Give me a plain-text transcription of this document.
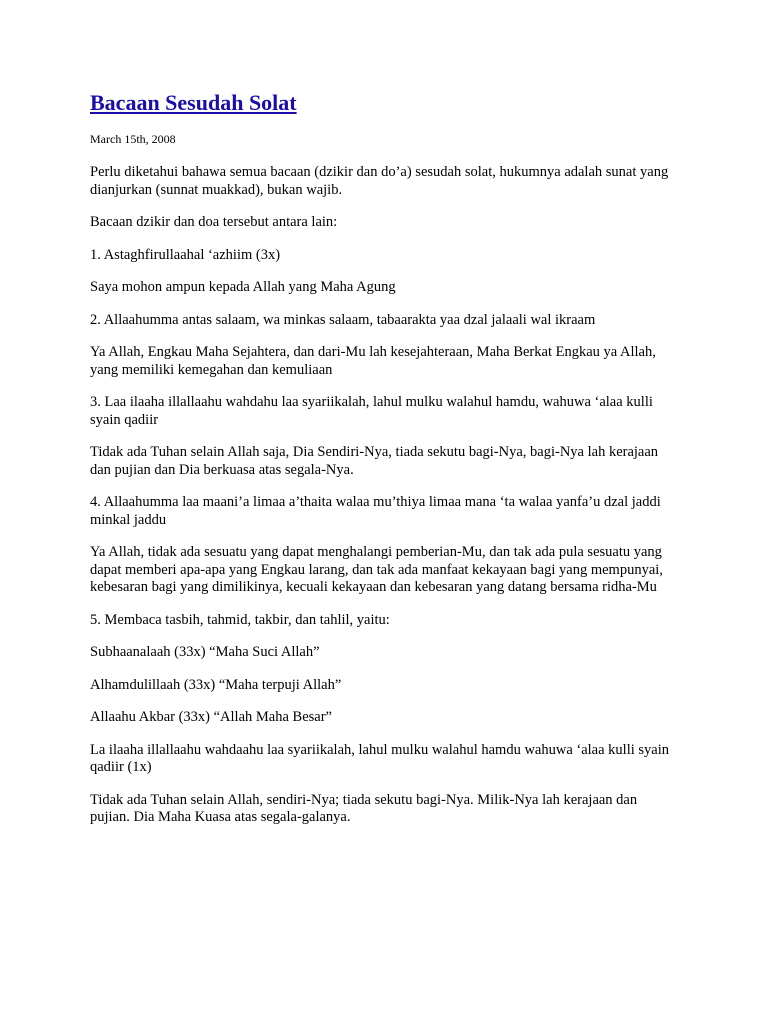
Bacaan Sesudah Solat
March 15th, 2008

Perlu diketahui bahawa semua bacaan (dzikir dan do’a) sesudah solat, hukumnya adalah sunat yang dianjurkan (sunnat muakkad), bukan wajib.

Bacaan dzikir dan doa tersebut antara lain:

1. Astaghfirullaahal ‘azhiim (3x)

Saya mohon ampun kepada Allah yang Maha Agung

2. Allaahumma antas salaam, wa minkas salaam, tabaarakta yaa dzal jalaali wal ikraam

Ya Allah, Engkau Maha Sejahtera, dan dari-Mu lah kesejahteraan, Maha Berkat Engkau ya Allah, yang memiliki kemegahan dan kemuliaan

3. Laa ilaaha illallaahu wahdahu laa syariikalah, lahul mulku walahul hamdu, wahuwa ‘alaa kulli syain qadiir

Tidak ada Tuhan selain Allah saja, Dia Sendiri-Nya, tiada sekutu bagi-Nya, bagi-Nya lah kerajaan dan pujian dan Dia berkuasa atas segala-Nya.

4. Allaahumma laa maani’a limaa a’thaita walaa mu’thiya limaa mana ‘ta walaa yanfa’u dzal jaddi minkal jaddu

Ya Allah, tidak ada sesuatu yang dapat menghalangi pemberian-Mu, dan tak ada pula sesuatu yang dapat memberi apa-apa yang Engkau larang, dan tak ada manfaat kekayaan bagi yang mempunyai, kebesaran bagi yang dimilikinya, kecuali kekayaan dan kebesaran yang datang bersama ridha-Mu

5. Membaca tasbih, tahmid, takbir, dan tahlil, yaitu:

Subhaanalaah (33x) “Maha Suci Allah”

Alhamdulillaah (33x) “Maha terpuji Allah”

Allaahu Akbar (33x) “Allah Maha Besar”

La ilaaha illallaahu wahdaahu laa syariikalah, lahul mulku walahul hamdu wahuwa ‘alaa kulli syain qadiir (1x)

Tidak ada Tuhan selain Allah, sendiri-Nya; tiada sekutu bagi-Nya. Milik-Nya lah kerajaan dan pujian. Dia Maha Kuasa atas segala-galanya.
